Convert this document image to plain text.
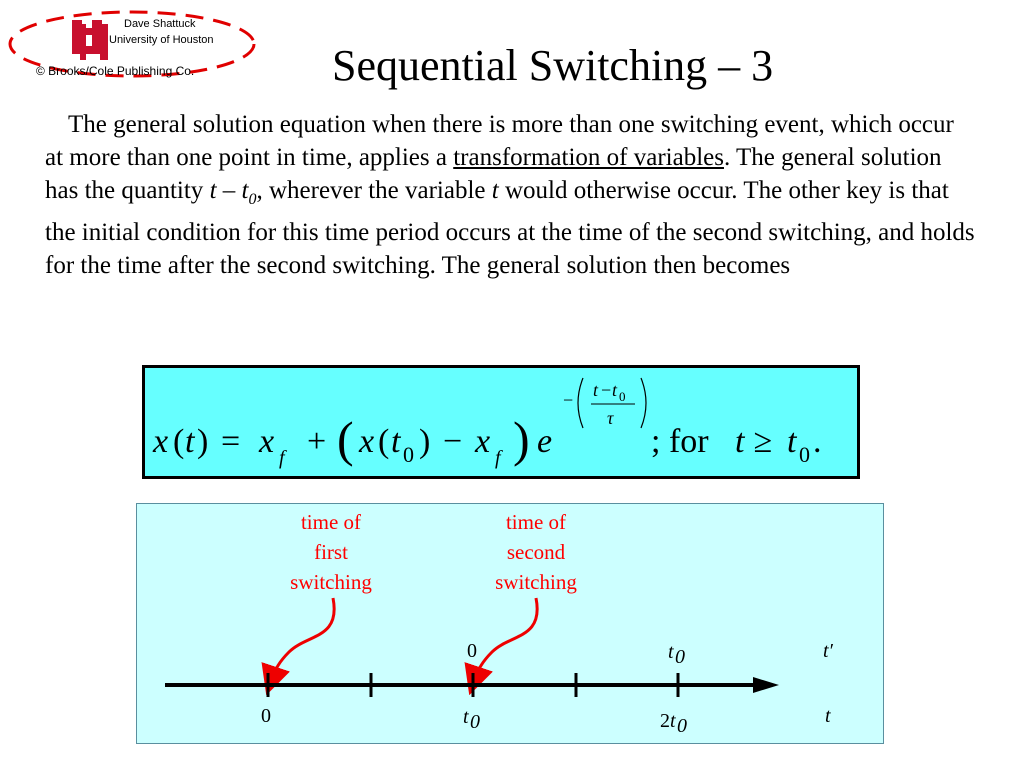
Dave Shattuck
University of Houston
© Brooks/Cole Publishing Co.	Sequential Switching – 3
The general solution equation when there is more than one switching event, which occur at more than one point in time, applies a transformation of variables. The general solution has the quantity t – $t_0$, wherever the variable t would otherwise occur. The other key is that the initial condition for this time period occurs at the time of the second switching, and holds for the time after the second switching. The general solution then becomes
x ( t ) = x f + ( x ( t 0 ) − x f ) e
− t − t 0
τ
; for t ≥ t 0 .
time of
first
switching
time of
second
switching
0	t 0	t′
0	t 0	2 t 0	t
